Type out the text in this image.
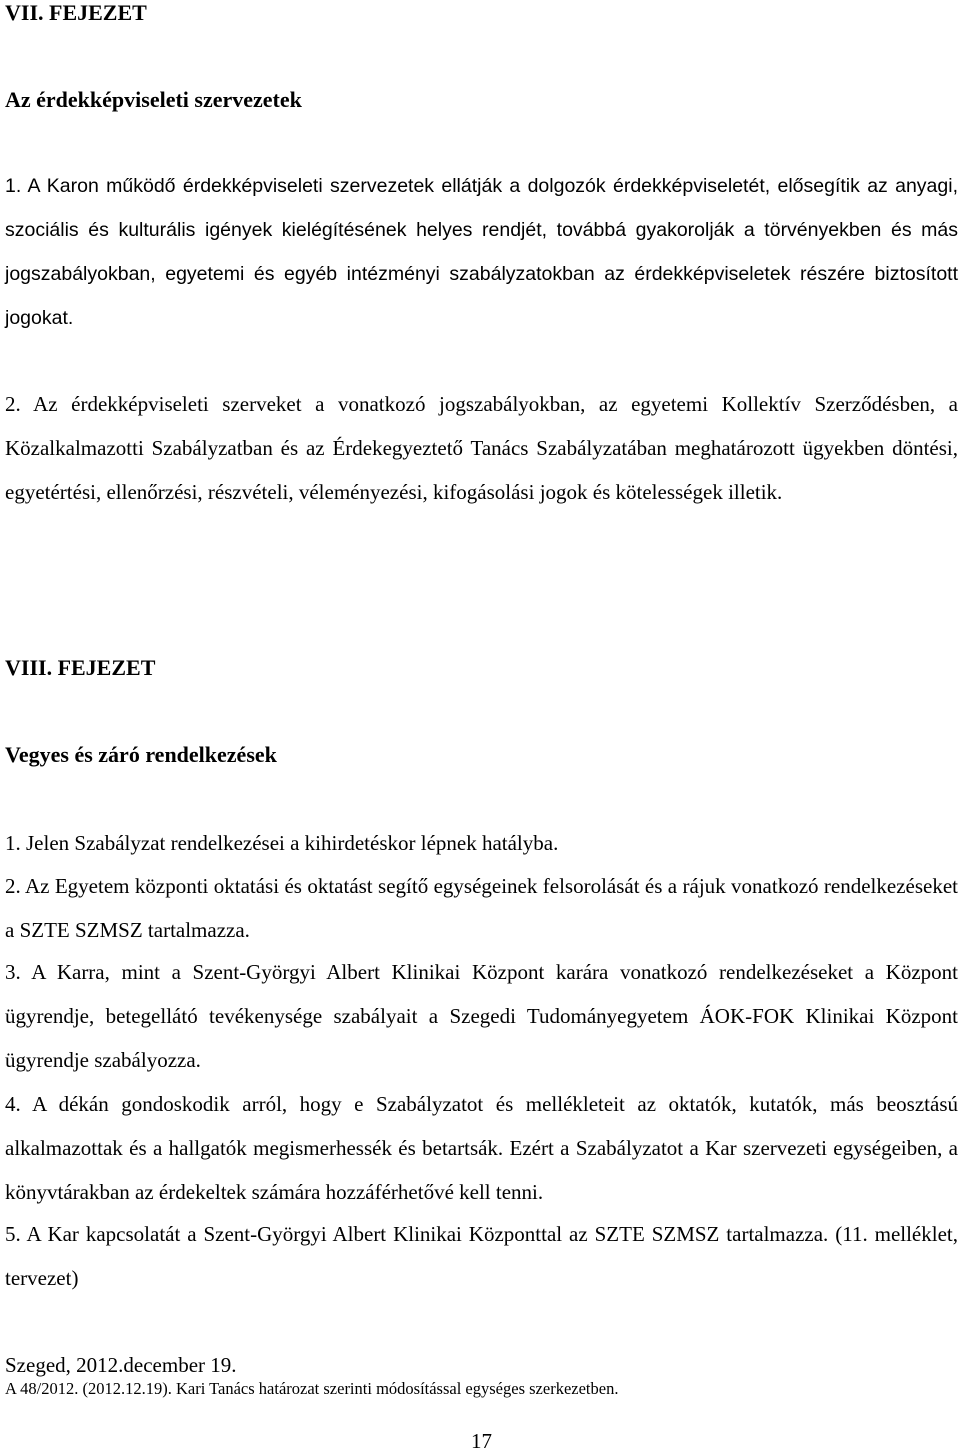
VII. FEJEZET
Az érdekképviseleti szervezetek

1. A Karon működő érdekképviseleti szervezetek ellátják a dolgozók érdekképviseletét, elősegítik az anyagi, szociális és kulturális igények kielégítésének helyes rendjét, továbbá gyakorolják a törvényekben és más jogszabályokban, egyetemi és egyéb intézményi szabályzatokban az érdekképviseletek részére biztosított jogokat.

2. Az érdekképviseleti szerveket a vonatkozó jogszabályokban, az egyetemi Kollektív Szerződésben, a Közalkalmazotti Szabályzatban és az Érdekegyeztető Tanács Szabályzatában meghatározott ügyekben döntési, egyetértési, ellenőrzési, részvételi, véleményezési, kifogásolási jogok és kötelességek illetik.

VIII. FEJEZET
Vegyes és záró rendelkezések

1. Jelen Szabályzat rendelkezései a kihirdetéskor lépnek hatályba.

2. Az Egyetem központi oktatási és oktatást segítő egységeinek felsorolását és a rájuk vonatkozó rendelkezéseket a SZTE SZMSZ tartalmazza.

3. A Karra, mint a Szent-Györgyi Albert Klinikai Központ karára vonatkozó rendelkezéseket a Központ ügyrendje, betegellátó tevékenysége szabályait a Szegedi Tudományegyetem ÁOK-FOK Klinikai Központ ügyrendje szabályozza.

4. A dékán gondoskodik arról, hogy e Szabályzatot és mellékleteit az oktatók, kutatók, más beosztású alkalmazottak és a hallgatók megismerhessék és betartsák. Ezért a Szabályzatot a Kar szervezeti egységeiben, a könyvtárakban az érdekeltek számára hozzáférhetővé kell tenni.

5. A Kar kapcsolatát a Szent-Györgyi Albert Klinikai Központtal az SZTE SZMSZ tartalmazza. (11. melléklet, tervezet)

Szeged, 2012.december 19.
A 48/2012. (2012.12.19). Kari Tanács határozat szerinti módosítással egységes szerkezetben.
17
